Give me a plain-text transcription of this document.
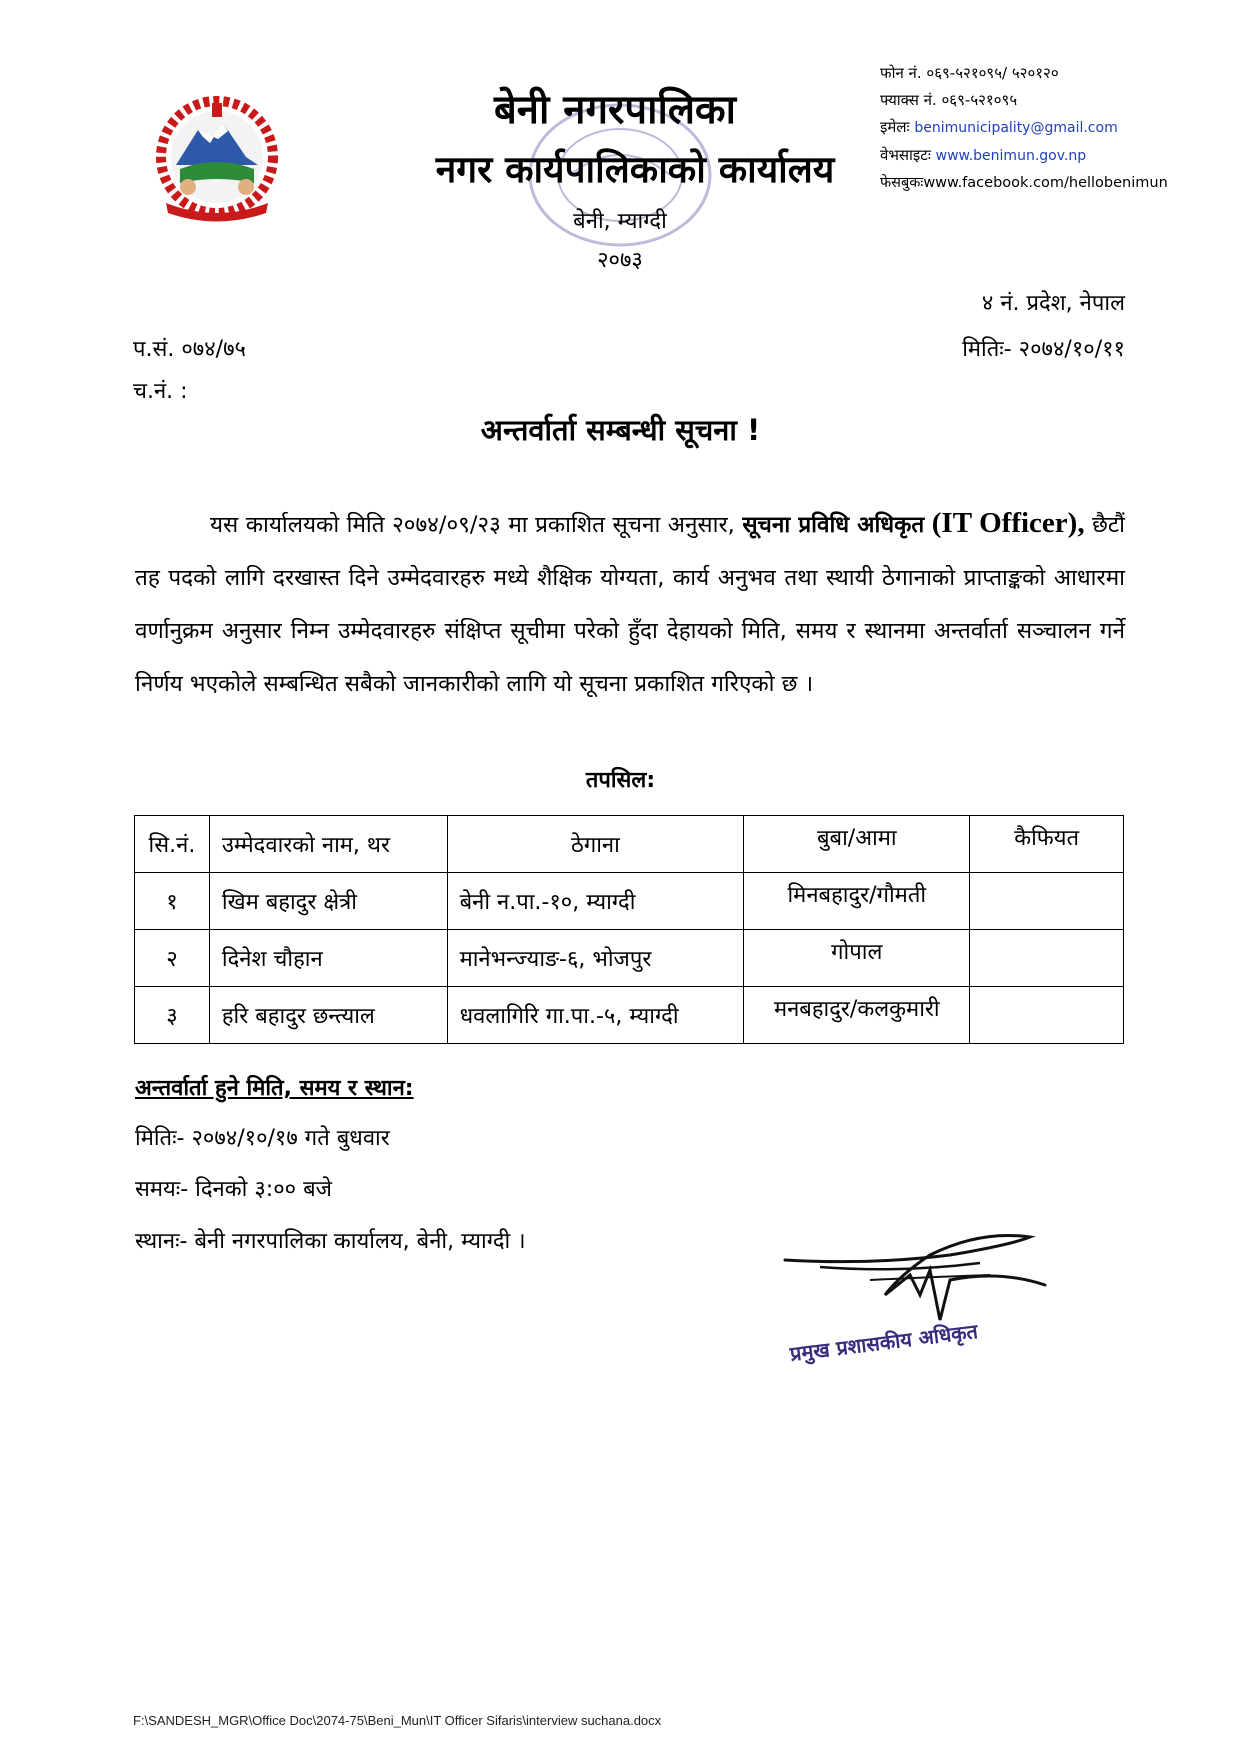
बेनी नगरपालिका
नगर कार्यपालिकाको कार्यालय
बेनी, म्याग्दी
२०७३
फोन नं. ०६९-५२१०९५/ ५२०१२०
फ्याक्स नं. ०६९-५२१०९५
इमेलः benimunicipality@gmail.com
वेभसाइटः www.benimun.gov.np
फेसबुकःwww.facebook.com/hellobenimun
४ नं. प्रदेश, नेपाल
प.सं. ०७४/७५	मितिः- २०७४/१०/११
च.नं. :
अन्तर्वार्ता सम्बन्धी सूचना !
यस कार्यालयको मिति २०७४/०९/२३ मा प्रकाशित सूचना अनुसार, सूचना प्रविधि अधिकृत (IT Officer), छैटौं तह पदको लागि दरखास्त दिने उम्मेदवारहरु मध्ये शैक्षिक योग्यता, कार्य अनुभव तथा स्थायी ठेगानाको प्राप्ताङ्कको आधारमा वर्णानुक्रम अनुसार निम्न उम्मेदवारहरु संक्षिप्त सूचीमा परेको हुँदा देहायको मिति, समय र स्थानमा अन्तर्वार्ता सञ्चालन गर्ने निर्णय भएकोले सम्बन्धित सबैको जानकारीको लागि यो सूचना प्रकाशित गरिएको छ ।
तपसिल:
सि.नं.	उम्मेदवारको नाम, थर	ठेगाना	बुबा/आमा	कैफियत
१	खिम बहादुर क्षेत्री	बेनी न.पा.-१०, म्याग्दी	मिनबहादुर/गौमती	
२	दिनेश चौहान	मानेभन्ज्याङ-६, भोजपुर	गोपाल	
३	हरि बहादुर छन्त्याल	धवलागिरि गा.पा.-५, म्याग्दी	मनबहादुर/कलकुमारी	
अन्तर्वार्ता हुने मिति, समय र स्थान:
मितिः- २०७४/१०/१७ गते बुधवार
समयः- दिनको ३:०० बजे
स्थानः- बेनी नगरपालिका कार्यालय, बेनी, म्याग्दी ।
प्रमुख प्रशासकीय अधिकृत
F:\SANDESH_MGR\Office Doc\2074-75\Beni_Mun\IT Officer Sifaris\interview suchana.docx
